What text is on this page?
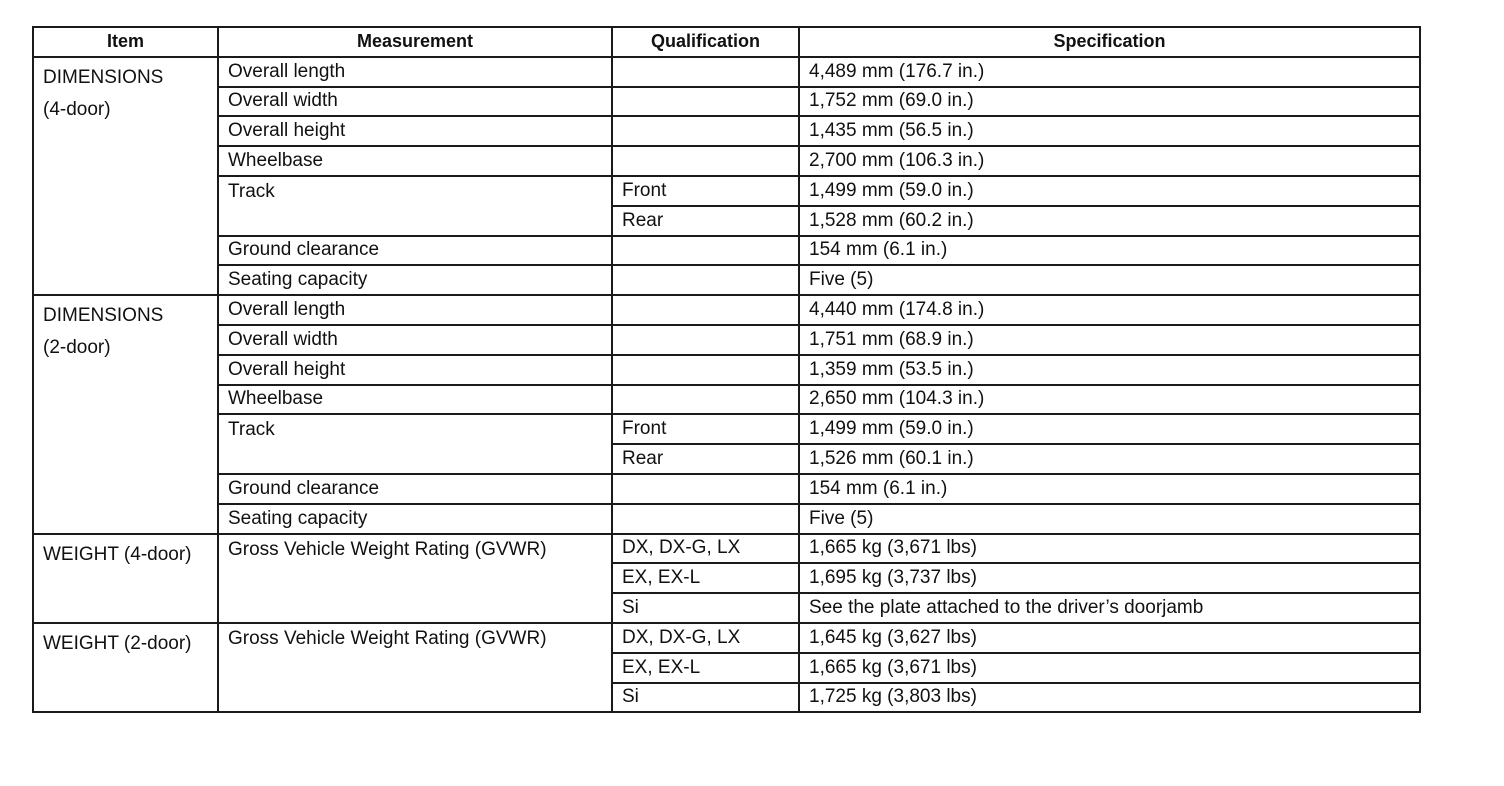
Item	Measurement	Qualification	Specification
DIMENSIONS
(4-door)	Overall length		4,489 mm (176.7 in.)
	Overall width		1,752 mm (69.0 in.)
	Overall height		1,435 mm (56.5 in.)
	Wheelbase		2,700 mm (106.3 in.)
	Track	Front	1,499 mm (59.0 in.)
		Rear	1,528 mm (60.2 in.)
	Ground clearance		154 mm (6.1 in.)
	Seating capacity		Five (5)
DIMENSIONS
(2-door)	Overall length		4,440 mm (174.8 in.)
	Overall width		1,751 mm (68.9 in.)
	Overall height		1,359 mm (53.5 in.)
	Wheelbase		2,650 mm (104.3 in.)
	Track	Front	1,499 mm (59.0 in.)
		Rear	1,526 mm (60.1 in.)
	Ground clearance		154 mm (6.1 in.)
	Seating capacity		Five (5)
WEIGHT (4-door)	Gross Vehicle Weight Rating (GVWR)	DX, DX-G, LX	1,665 kg (3,671 lbs)
		EX, EX-L	1,695 kg (3,737 lbs)
		Si	See the plate attached to the driver’s doorjamb
WEIGHT (2-door)	Gross Vehicle Weight Rating (GVWR)	DX, DX-G, LX	1,645 kg (3,627 lbs)
		EX, EX-L	1,665 kg (3,671 lbs)
		Si	1,725 kg (3,803 lbs)
